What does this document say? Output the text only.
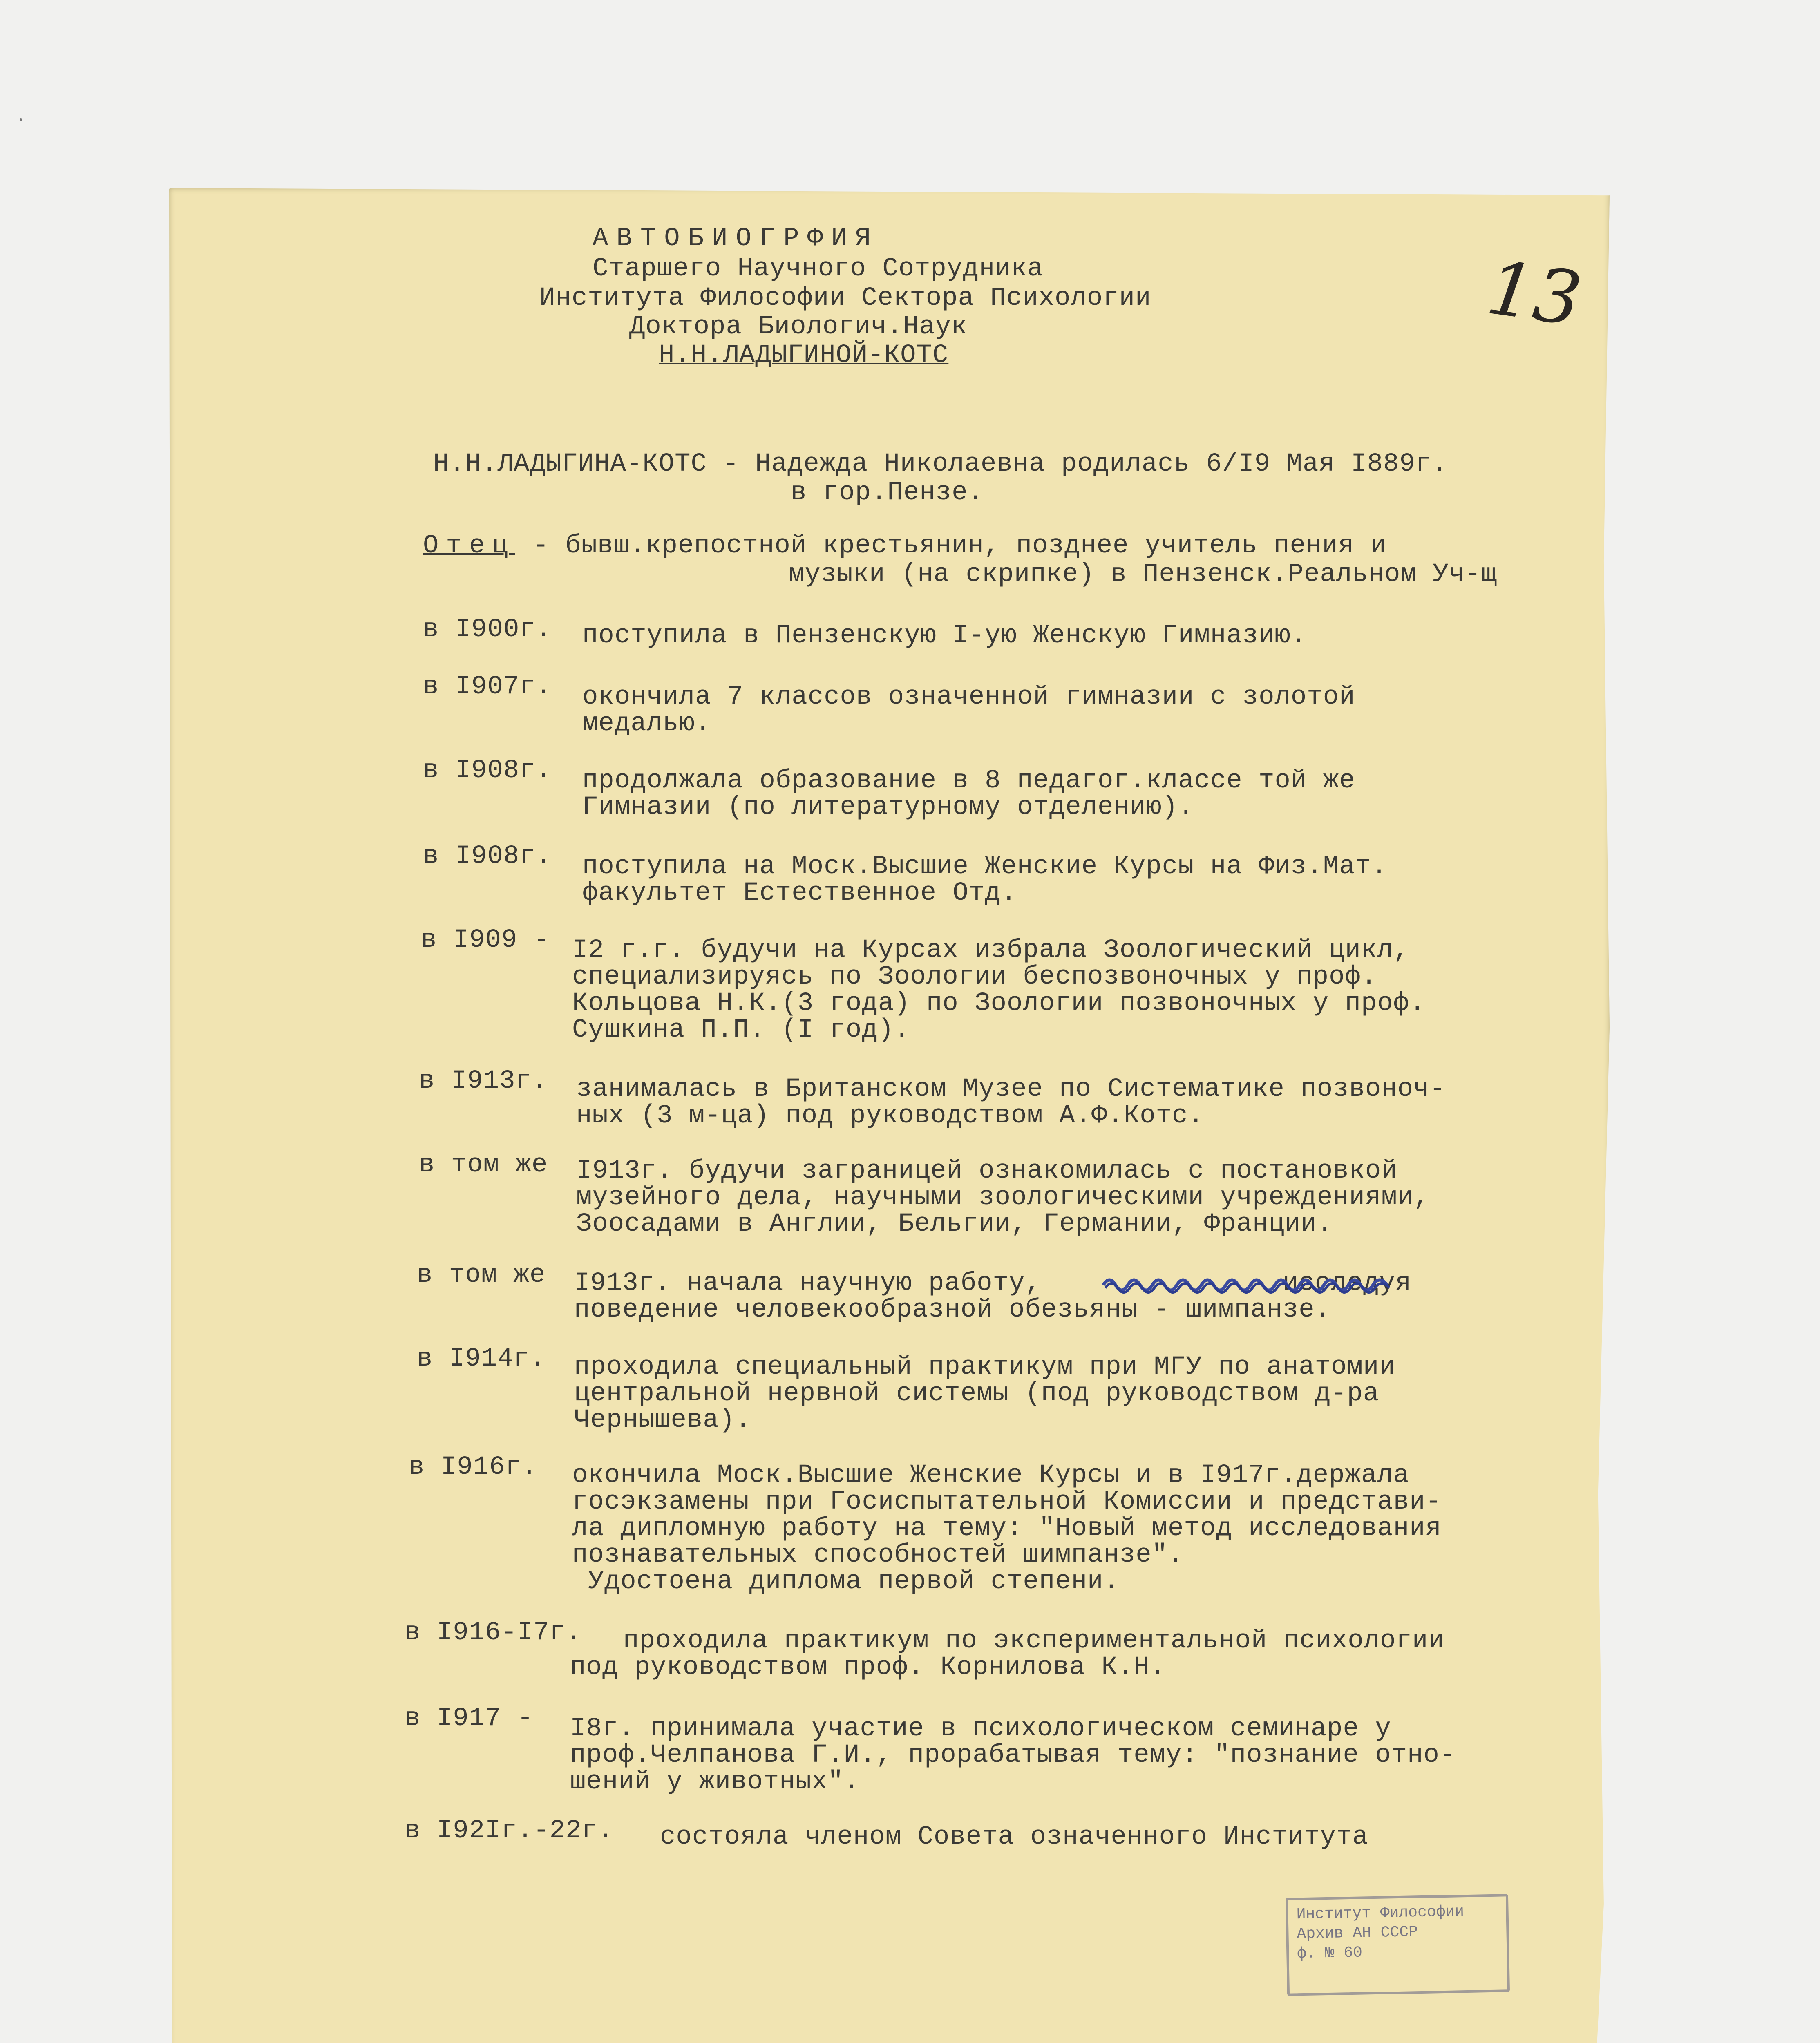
АВТОБИОГРФИЯ
Старшего Научного Сотрудника
Института Философии Сектора Психологии
Доктора Биологич.Наук
Н.Н.ЛАДЫГИНОЙ-КОТС
13
Н.Н.ЛАДЫГИНА-КОТС - Надежда Николаевна родилась 6/I9 Мая I889г.
в гор.Пензе.
Отец - бывш.крепостной крестьянин, позднее учитель пения и
музыки (на скрипке) в Пензенск.Реальном Уч-щ
в I900г. поступила в Пензенскую I-ую Женскую Гимназию.
в I907г. окончила 7 классов означенной гимназии с золотой
медалью.
в I908г. продолжала образование в 8 педагог.классе той же
Гимназии (по литературному отделению).
в I908г. поступила на Моск.Высшие Женские Курсы на Физ.Мат.
факультет Естественное Отд.
в I909 - I2 г.г. будучи на Курсах избрала Зоологический цикл,
специализируясь по Зоологии беспозвоночных у проф.
Кольцова Н.К.(3 года) по Зоологии позвоночных у проф.
Сушкина П.П. (I год).
в I913г. занималась в Британском Музее по Систематике позвоноч-
ных (3 м-ца) под руководством А.Ф.Котс.
в том же I913г. будучи заграницей ознакомилась с постановкой
музейного дела, научными зоологическими учреждениями,
Зоосадами в Англии, Бельгии, Германии, Франции.
в том же I913г. начала научную работу,               исследуя
поведение человекообразной обезьяны - шимпанзе.
в I914г. проходила специальный практикум при МГУ по анатомии
центральной нервной системы (под руководством д-ра
Чернышева).
в I916г. окончила Моск.Высшие Женские Курсы и в I917г.держала
госэкзамены при Госиспытательной Комиссии и представи-
ла дипломную работу на тему: "Новый метод исследования
познавательных способностей шимпанзе".
Удостоена диплома первой степени.
в I916-I7г. проходила практикум по экспериментальной психологии
под руководством проф. Корнилова К.Н.
в I917 - I8г. принимала участие в психологическом семинаре у
проф.Челпанова Г.И., прорабатывая тему: "познание отно-
шений у животных".
в I92Iг.-22г. состояла членом Совета означенного Института
Институт Философии
Архив АН СССР
ф. № 60
